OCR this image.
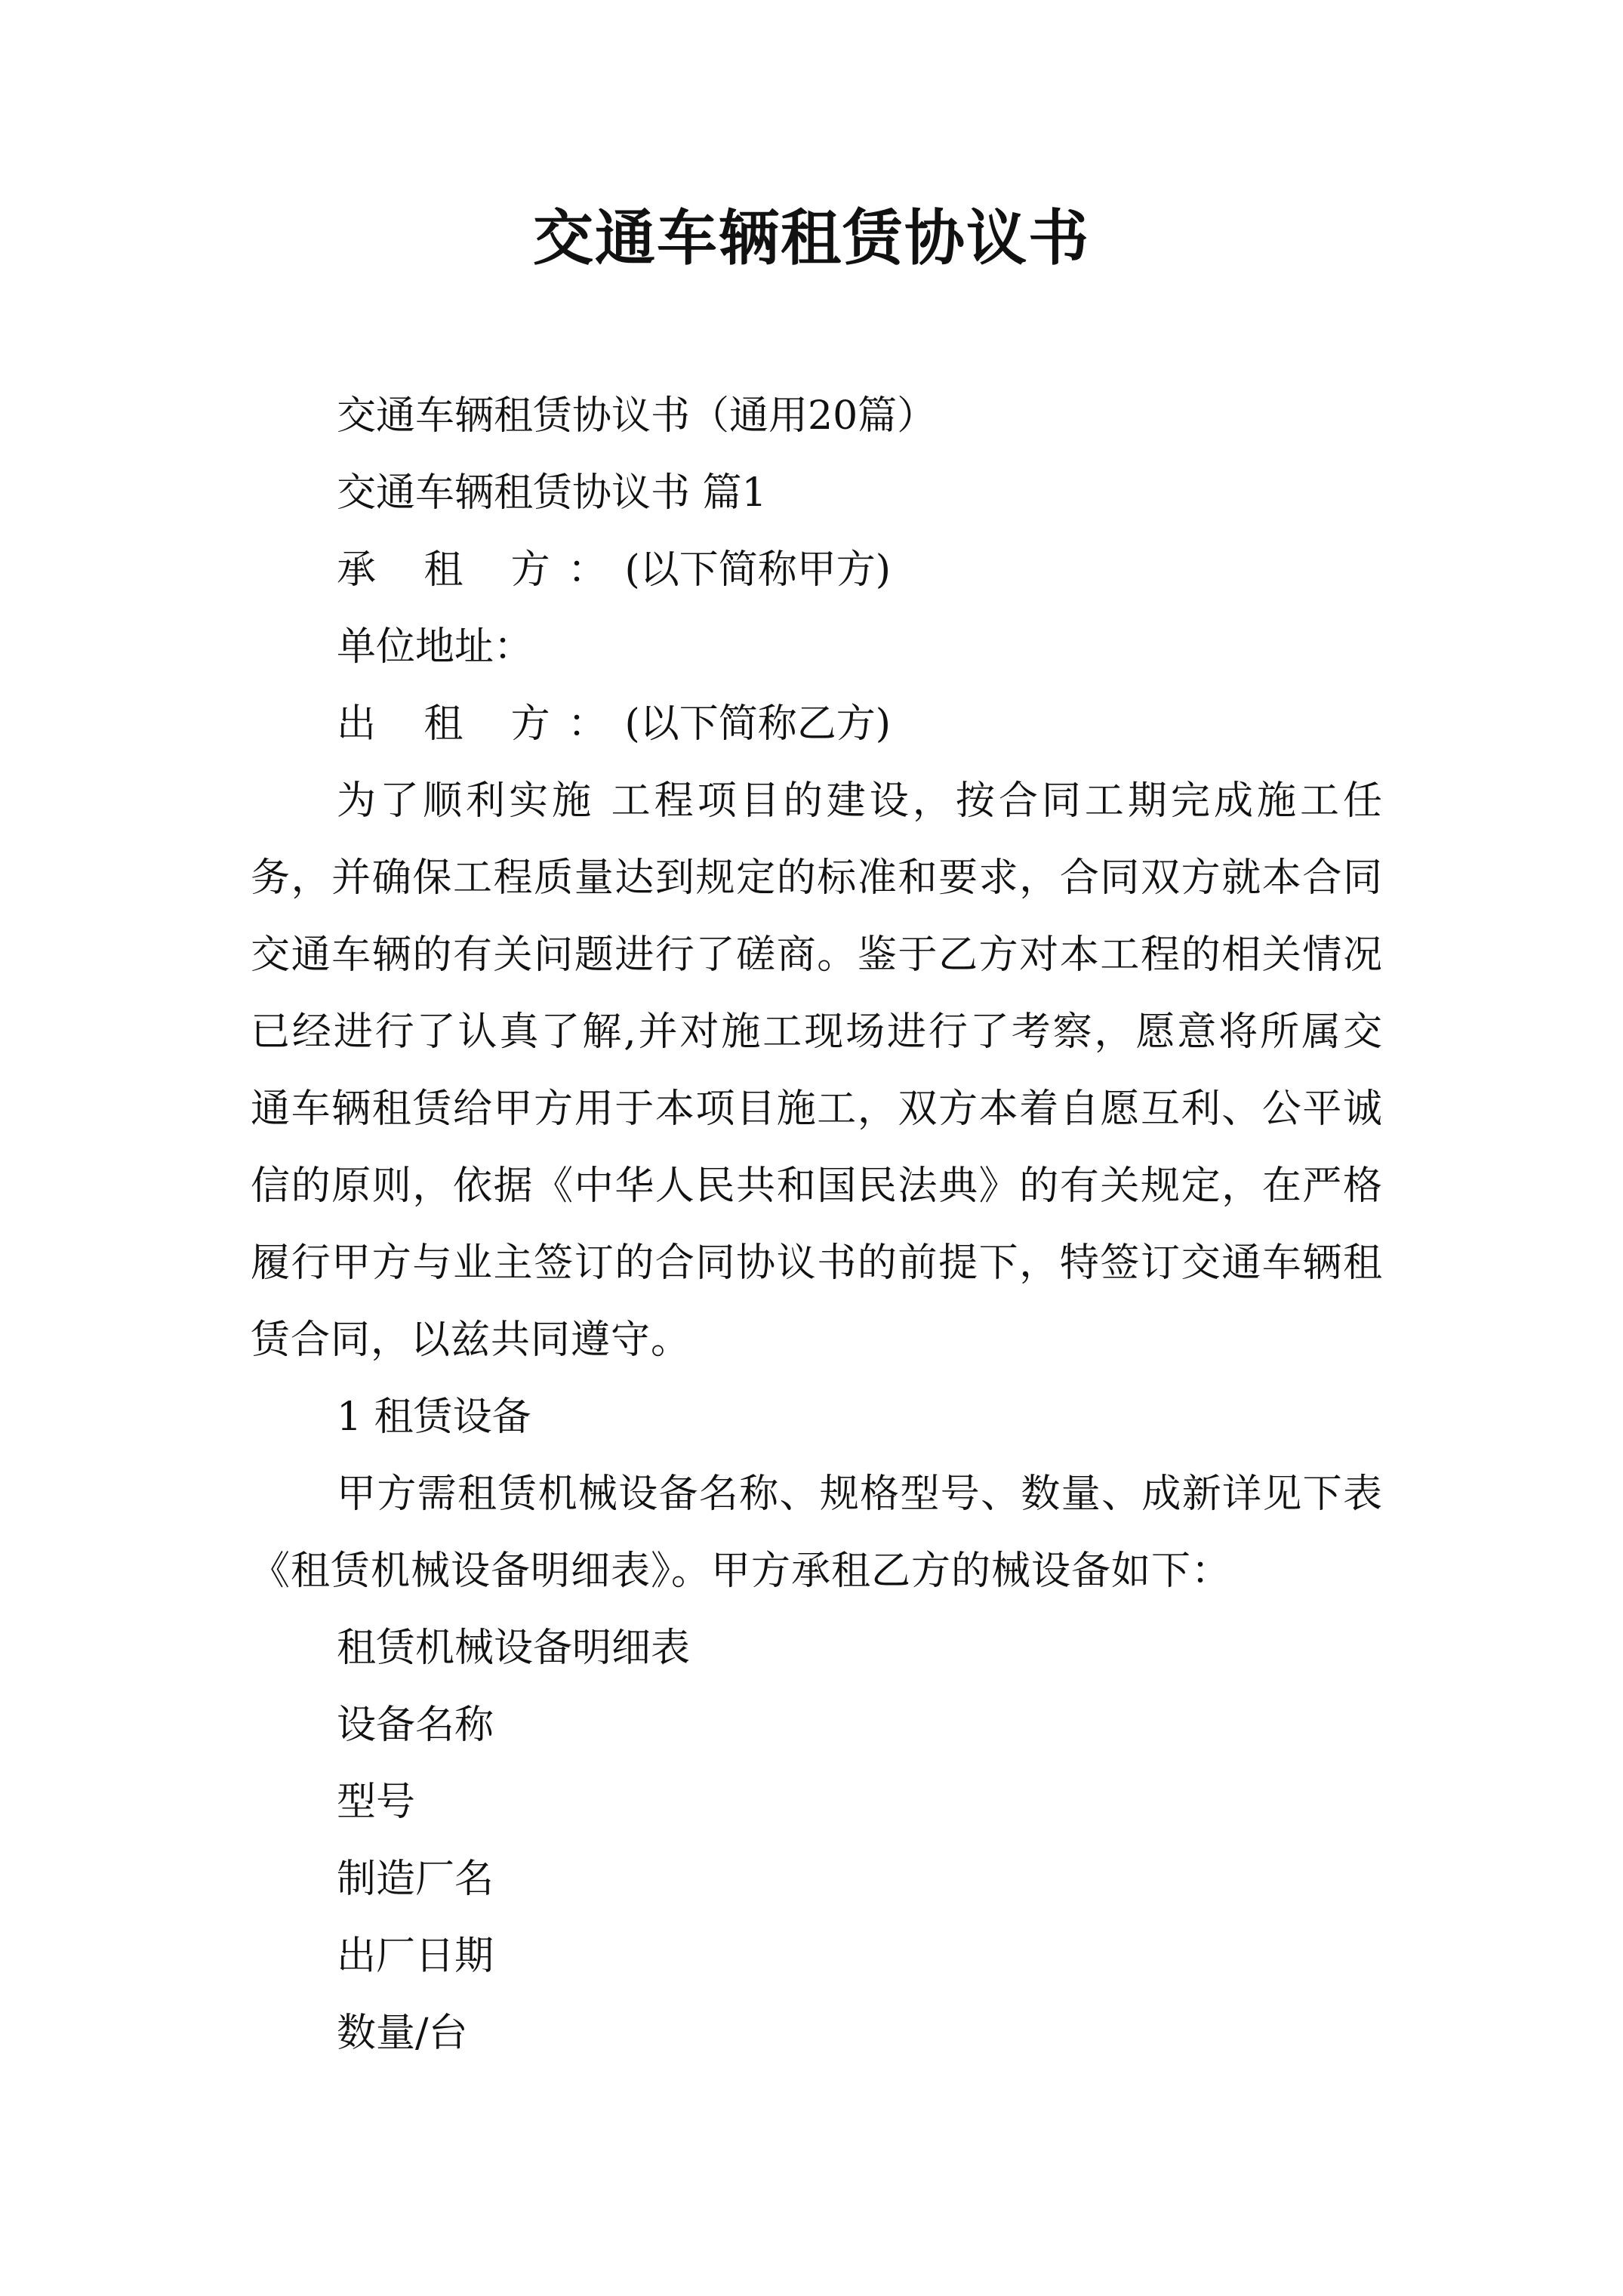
交通车辆租赁协议书

交通车辆租赁协议书（通用20篇）

交通车辆租赁协议书 篇1

承 租 方：(以下简称甲方)

单位地址：

出 租 方：(以下简称乙方)

为了顺利实施 工程项目的建设，按合同工期完成施工任务，并确保工程质量达到规定的标准和要求，合同双方就本合同交通车辆的有关问题进行了磋商。鉴于乙方对本工程的相关情况已经进行了认真了解,并对施工现场进行了考察，愿意将所属交通车辆租赁给甲方用于本项目施工，双方本着自愿互利、公平诚信的原则，依据《中华人民共和国民法典》的有关规定，在严格履行甲方与业主签订的合同协议书的前提下，特签订交通车辆租赁合同，以兹共同遵守。

1 租赁设备

甲方需租赁机械设备名称、规格型号、数量、成新详见下表《租赁机械设备明细表》。甲方承租乙方的械设备如下：

租赁机械设备明细表

设备名称

型号

制造厂名

出厂日期

数量/台
